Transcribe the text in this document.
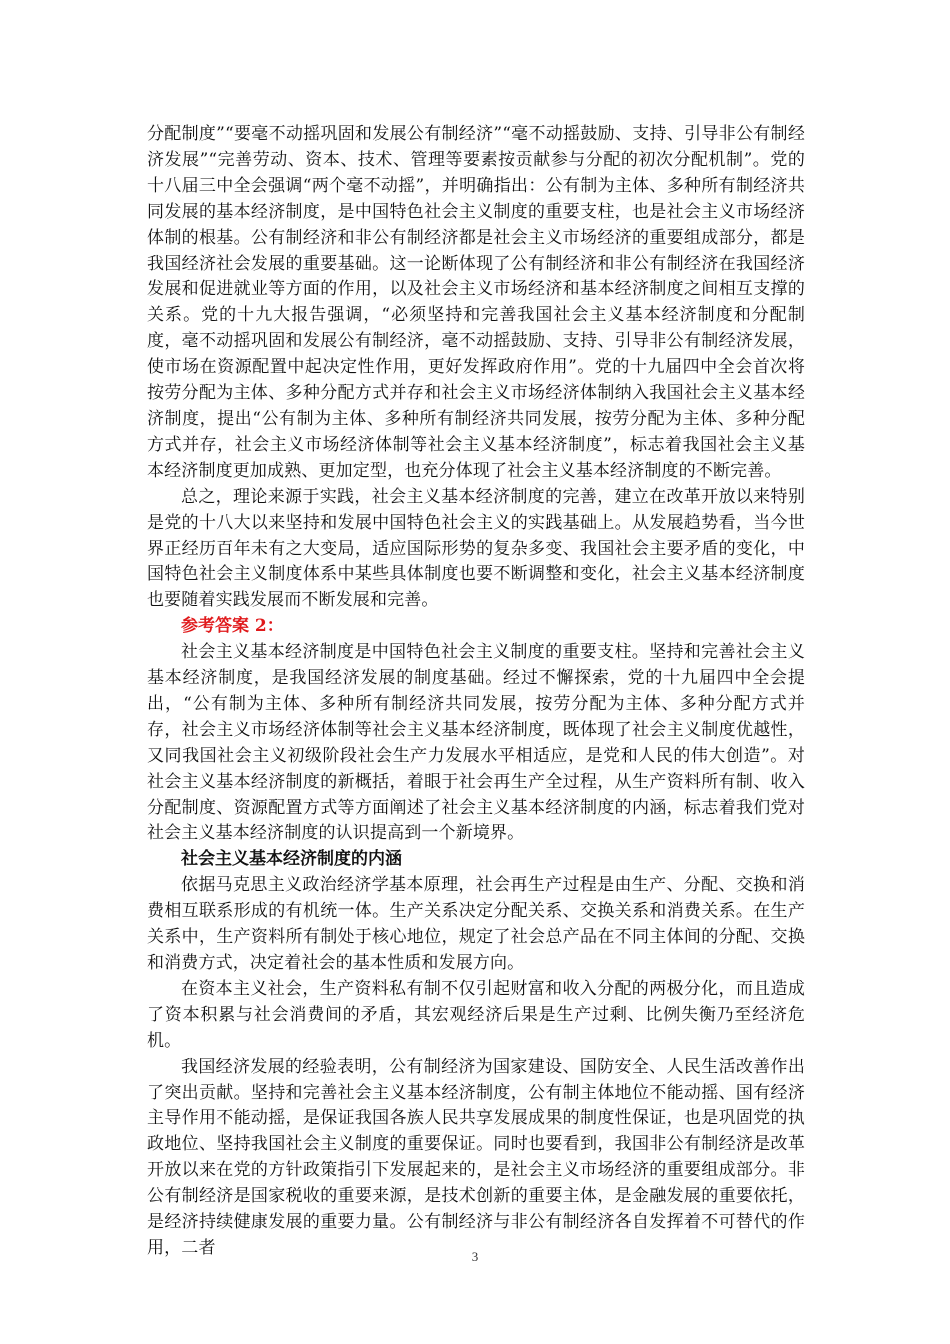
分配制度”“要毫不动摇巩固和发展公有制经济”“毫不动摇鼓励、支持、引导非公有制经济发展”“完善劳动、资本、技术、管理等要素按贡献参与分配的初次分配机制”。党的十八届三中全会强调“两个毫不动摇”，并明确指出：公有制为主体、多种所有制经济共同发展的基本经济制度，是中国特色社会主义制度的重要支柱，也是社会主义市场经济体制的根基。公有制经济和非公有制经济都是社会主义市场经济的重要组成部分，都是我国经济社会发展的重要基础。这一论断体现了公有制经济和非公有制经济在我国经济发展和促进就业等方面的作用，以及社会主义市场经济和基本经济制度之间相互支撑的关系。党的十九大报告强调，“必须坚持和完善我国社会主义基本经济制度和分配制度，毫不动摇巩固和发展公有制经济，毫不动摇鼓励、支持、引导非公有制经济发展，使市场在资源配置中起决定性作用，更好发挥政府作用”。党的十九届四中全会首次将按劳分配为主体、多种分配方式并存和社会主义市场经济体制纳入我国社会主义基本经济制度，提出“公有制为主体、多种所有制经济共同发展，按劳分配为主体、多种分配方式并存，社会主义市场经济体制等社会主义基本经济制度”，标志着我国社会主义基本经济制度更加成熟、更加定型，也充分体现了社会主义基本经济制度的不断完善。

总之，理论来源于实践，社会主义基本经济制度的完善，建立在改革开放以来特别是党的十八大以来坚持和发展中国特色社会主义的实践基础上。从发展趋势看，当今世界正经历百年未有之大变局，适应国际形势的复杂多变、我国社会主要矛盾的变化，中国特色社会主义制度体系中某些具体制度也要不断调整和变化，社会主义基本经济制度也要随着实践发展而不断发展和完善。

参考答案 2：

社会主义基本经济制度是中国特色社会主义制度的重要支柱。坚持和完善社会主义基本经济制度，是我国经济发展的制度基础。经过不懈探索，党的十九届四中全会提出，“公有制为主体、多种所有制经济共同发展，按劳分配为主体、多种分配方式并存，社会主义市场经济体制等社会主义基本经济制度，既体现了社会主义制度优越性，又同我国社会主义初级阶段社会生产力发展水平相适应，是党和人民的伟大创造”。对社会主义基本经济制度的新概括，着眼于社会再生产全过程，从生产资料所有制、收入分配制度、资源配置方式等方面阐述了社会主义基本经济制度的内涵，标志着我们党对社会主义基本经济制度的认识提高到一个新境界。

社会主义基本经济制度的内涵

依据马克思主义政治经济学基本原理，社会再生产过程是由生产、分配、交换和消费相互联系形成的有机统一体。生产关系决定分配关系、交换关系和消费关系。在生产关系中，生产资料所有制处于核心地位，规定了社会总产品在不同主体间的分配、交换和消费方式，决定着社会的基本性质和发展方向。

在资本主义社会，生产资料私有制不仅引起财富和收入分配的两极分化，而且造成了资本积累与社会消费间的矛盾，其宏观经济后果是生产过剩、比例失衡乃至经济危机。

我国经济发展的经验表明，公有制经济为国家建设、国防安全、人民生活改善作出了突出贡献。坚持和完善社会主义基本经济制度，公有制主体地位不能动摇、国有经济主导作用不能动摇，是保证我国各族人民共享发展成果的制度性保证，也是巩固党的执政地位、坚持我国社会主义制度的重要保证。同时也要看到，我国非公有制经济是改革开放以来在党的方针政策指引下发展起来的，是社会主义市场经济的重要组成部分。非公有制经济是国家税收的重要来源，是技术创新的重要主体，是金融发展的重要依托，是经济持续健康发展的重要力量。公有制经济与非公有制经济各自发挥着不可替代的作用，二者	3
